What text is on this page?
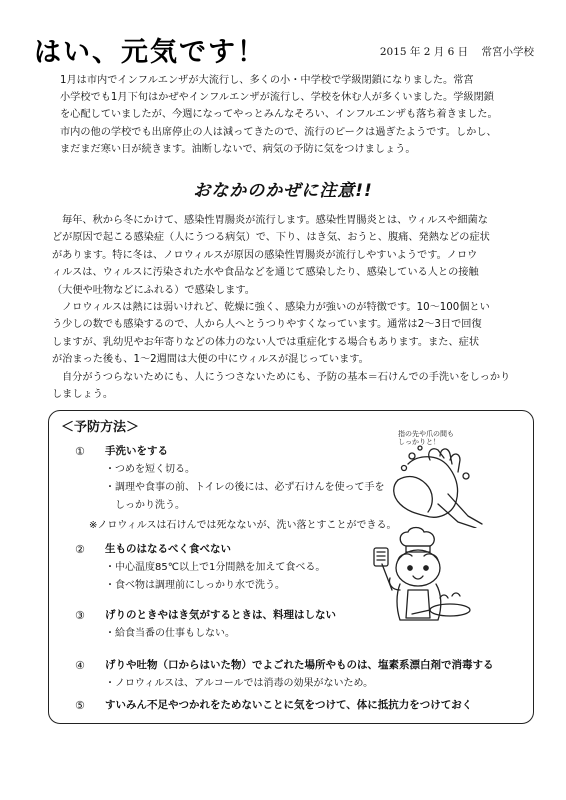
はい、元気です！	2015 年 2 月 6 日 常宮小学校
1月は市内でインフルエンザが大流行し、多くの小・中学校で学級閉鎖になりました。常宮
小学校でも1月下旬はかぜやインフルエンザが流行し、学校を休む人が多くいました。学級閉鎖
を心配していましたが、今週になってやっとみんなそろい、インフルエンザも落ち着きました。
市内の他の学校でも出席停止の人は減ってきたので、流行のピークは過ぎたようです。しかし、
まだまだ寒い日が続きます。油断しないで、病気の予防に気をつけましょう。
おなかのかぜに注意!!
毎年、秋から冬にかけて、感染性胃腸炎が流行します。感染性胃腸炎とは、ウィルスや細菌な
どが原因で起こる感染症（人にうつる病気）で、下り、はき気、おうと、腹痛、発熱などの症状
があります。特に冬は、ノロウィルスが原因の感染性胃腸炎が流行しやすいようです。ノロウ
ィルスは、ウィルスに汚染された水や食品などを通じて感染したり、感染している人との接触
（大便や吐物などにふれる）で感染します。
ノロウィルスは熱には弱いけれど、乾燥に強く、感染力が強いのが特徴です。10～100個とい
う少しの数でも感染するので、人から人へとうつりやすくなっています。通常は2～3日で回復
しますが、乳幼児やお年寄りなどの体力のない人では重症化する場合もあります。また、症状
が治まった後も、1～2週間は大便の中にウィルスが混じっています。
自分がうつらないためにも、人にうつさないためにも、予防の基本＝石けんでの手洗いをしっかり
しましょう。
＜予防方法＞
①	手洗いをする
・つめを短く切る。
・調理や食事の前、トイレの後には、必ず石けんを使って手を
　しっかり洗う。
※ノロウィルスは石けんでは死なないが、洗い落とすことができる。
②	生ものはなるべく食べない
・中心温度85℃以上で1分間熱を加えて食べる。
・食べ物は調理前にしっかり水で洗う。
③	げりのときやはき気がするときは、料理はしない
・給食当番の仕事もしない。
④	げりや吐物（口からはいた物）でよごれた場所やものは、塩素系漂白剤で消毒する
・ノロウィルスは、アルコールでは消毒の効果がないため。
⑤	すいみん不足やつかれをためないことに気をつけて、体に抵抗力をつけておく
指の先や爪の間も
しっかりと！
